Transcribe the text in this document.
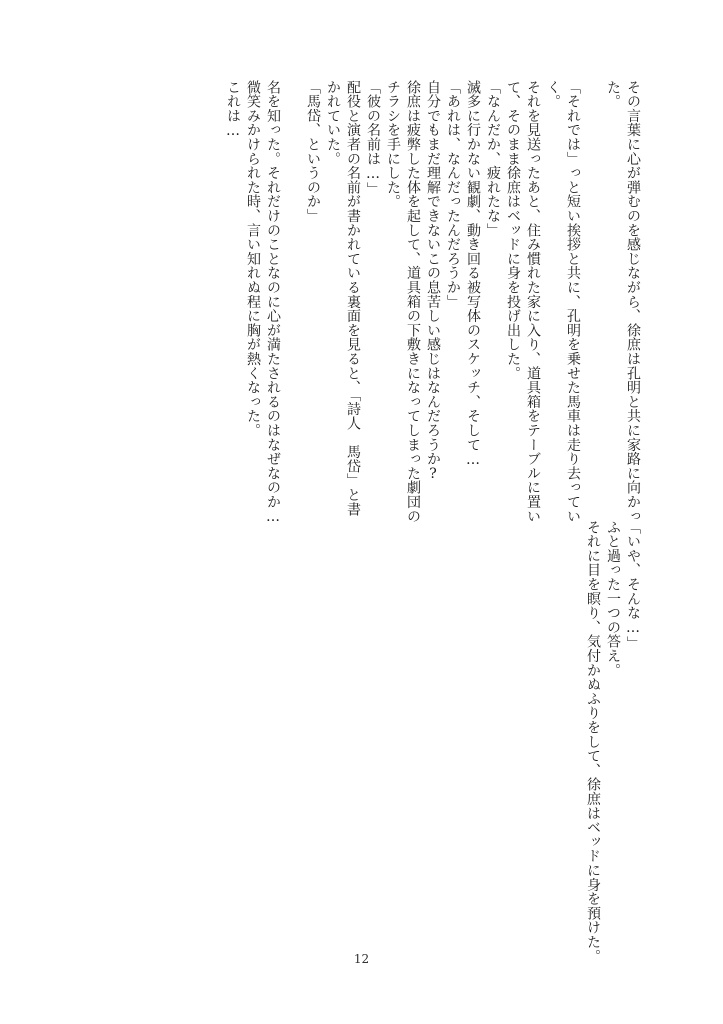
その言葉に心が弾むのを感じながら、徐庶は孔明と共に家路に向かっ
た。

「それでは」っと短い挨拶と共に、孔明を乗せた馬車は走り去ってい
く。
それを見送ったあと、住み慣れた家に入り、道具箱をテーブルに置い
て、そのまま徐庶はベッドに身を投げ出した。
「なんだか、疲れたな」
滅多に行かない観劇、動き回る被写体のスケッチ、そして…
「あれは、なんだったんだろうか」
自分でもまだ理解できないこの息苦しい感じはなんだろうか?
徐庶は疲弊した体を起して、道具箱の下敷きになってしまった劇団の
チラシを手にした。
「彼の名前は…」
配役と演者の名前が書かれている裏面を見ると、「詩人　馬岱」と書
かれていた。
「馬岱、というのか」

名を知った。それだけのことなのに心が満たされるのはなぜなのか…
微笑みかけられた時、言い知れぬ程に胸が熱くなった。
これは…
「いや、そんな…」
ふと過った一つの答え。
それに目を瞑り、気付かぬふりをして、徐庶はベッドに身を預けた。
12
